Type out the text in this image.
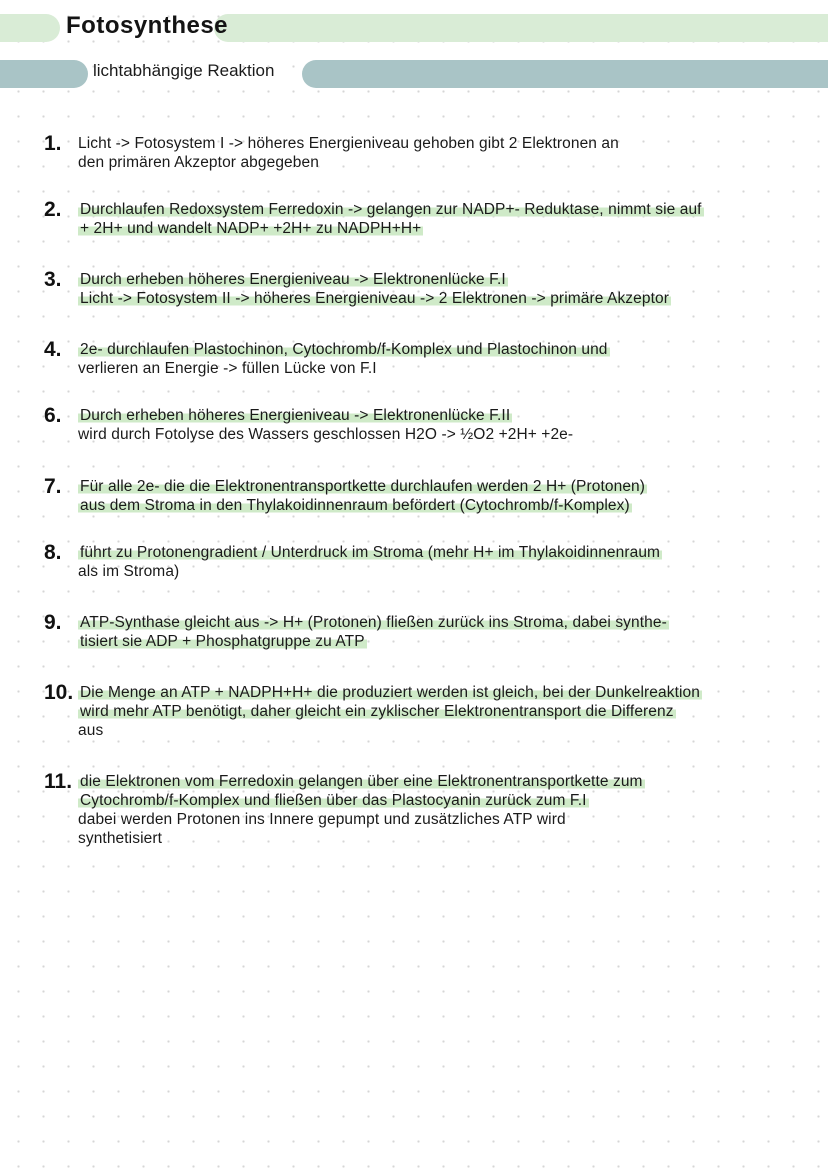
Fotosynthese
lichtabhängige Reaktion
1.	Licht -> Fotosystem I -> höheres Energieniveau gehoben gibt 2 Elektronen an
den primären Akzeptor abgegeben
2.	Durchlaufen Redoxsystem Ferredoxin -> gelangen zur NADP+- Reduktase, nimmt sie auf
+ 2H+ und wandelt NADP+ +2H+ zu NADPH+H+
3.	Durch erheben höheres Energieniveau -> Elektronenlücke F.I
Licht -> Fotosystem II -> höheres Energieniveau -> 2 Elektronen -> primäre Akzeptor
4.	2e- durchlaufen Plastochinon, Cytochromb/f-Komplex und Plastochinon und
verlieren an Energie -> füllen Lücke von F.I
6.	Durch erheben höheres Energieniveau -> Elektronenlücke F.II
wird durch Fotolyse des Wassers geschlossen H2O -> ½O2 +2H+ +2e-
7.	Für alle 2e- die die Elektronentransportkette durchlaufen werden 2 H+ (Protonen)
aus dem Stroma in den Thylakoidinnenraum befördert (Cytochromb/f-Komplex)
8.	führt zu Protonengradient / Unterdruck im Stroma (mehr H+ im Thylakoidinnenraum
als im Stroma)
9.	ATP-Synthase gleicht aus -> H+ (Protonen) fließen zurück ins Stroma, dabei synthe-
tisiert sie ADP + Phosphatgruppe zu ATP
10. Die Menge an ATP + NADPH+H+ die produziert werden ist gleich, bei der Dunkelreaktion
wird mehr ATP benötigt, daher gleicht ein zyklischer Elektronentransport die Differenz
aus
11. die Elektronen vom Ferredoxin gelangen über eine Elektronentransportkette zum
Cytochromb/f-Komplex und fließen über das Plastocyanin zurück zum F.I
dabei werden Protonen ins Innere gepumpt und zusätzliches ATP wird
synthetisiert
